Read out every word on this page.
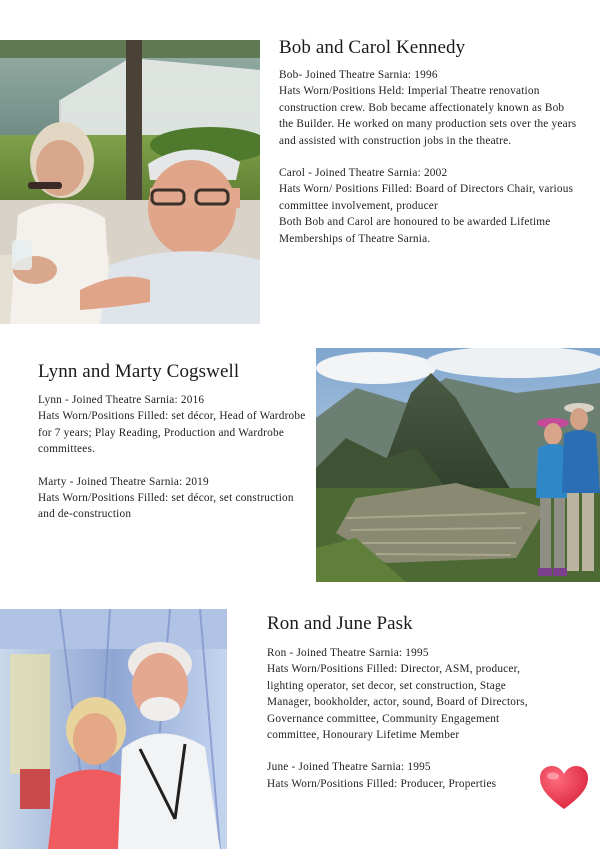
Bob and Carol Kennedy

Bob- Joined Theatre Sarnia: 1996

Hats Worn/Positions Held: Imperial Theatre renovation construction crew. Bob became affectionately known as Bob the Builder. He worked on many production sets over the years and assisted with construction jobs in the theatre.

Carol - Joined Theatre Sarnia: 2002

Hats Worn/ Positions Filled: Board of Directors Chair, various committee involvement, producer

Both Bob and Carol are honoured to be awarded Lifetime Memberships of Theatre Sarnia.

Lynn and Marty Cogswell

Lynn - Joined Theatre Sarnia: 2016

Hats Worn/Positions Filled: set décor, Head of Wardrobe for 7 years; Play Reading, Production and Wardrobe committees.

Marty - Joined Theatre Sarnia: 2019

Hats Worn/Positions Filled: set décor, set construction and de-construction

Ron and June Pask

Ron - Joined Theatre Sarnia: 1995

Hats Worn/Positions Filled: Director, ASM, producer, lighting operator, set decor, set construction, Stage Manager, bookholder, actor, sound, Board of Directors, Governance committee, Community Engagement committee, Honourary Lifetime Member

June - Joined Theatre Sarnia: 1995

Hats Worn/Positions Filled: Producer, Properties
